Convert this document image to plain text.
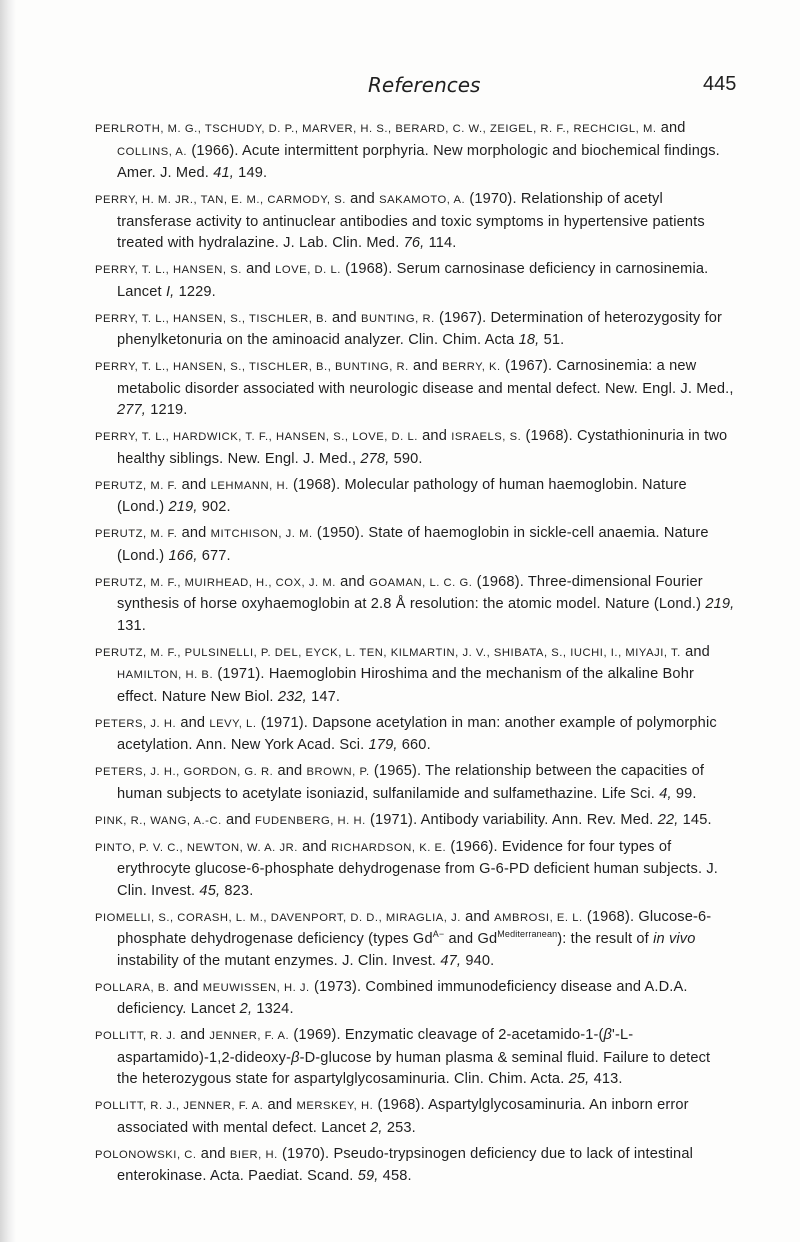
References	445
PERLROTH, M. G., TSCHUDY, D. P., MARVER, H. S., BERARD, C. W., ZEIGEL, R. F., RECHCIGL, M. and COLLINS, A. (1966). Acute intermittent porphyria. New morphologic and biochemical findings. Amer. J. Med. 41, 149.
PERRY, H. M. JR., TAN, E. M., CARMODY, S. and SAKAMOTO, A. (1970). Relationship of acetyl transferase activity to antinuclear antibodies and toxic symptoms in hypertensive patients treated with hydralazine. J. Lab. Clin. Med. 76, 114.
PERRY, T. L., HANSEN, S. and LOVE, D. L. (1968). Serum carnosinase deficiency in carnosinemia. Lancet I, 1229.
PERRY, T. L., HANSEN, S., TISCHLER, B. and BUNTING, R. (1967). Determination of heterozygosity for phenylketonuria on the aminoacid analyzer. Clin. Chim. Acta 18, 51.
PERRY, T. L., HANSEN, S., TISCHLER, B., BUNTING, R. and BERRY, K. (1967). Carnosinemia: a new metabolic disorder associated with neurologic disease and mental defect. New. Engl. J. Med., 277, 1219.
PERRY, T. L., HARDWICK, T. F., HANSEN, S., LOVE, D. L. and ISRAELS, S. (1968). Cystathioninuria in two healthy siblings. New. Engl. J. Med., 278, 590.
PERUTZ, M. F. and LEHMANN, H. (1968). Molecular pathology of human haemoglobin. Nature (Lond.) 219, 902.
PERUTZ, M. F. and MITCHISON, J. M. (1950). State of haemoglobin in sickle-cell anaemia. Nature (Lond.) 166, 677.
PERUTZ, M. F., MUIRHEAD, H., COX, J. M. and GOAMAN, L. C. G. (1968). Three-dimensional Fourier synthesis of horse oxyhaemoglobin at 2.8 Å resolution: the atomic model. Nature (Lond.) 219, 131.
PERUTZ, M. F., PULSINELLI, P. DEL, EYCK, L. TEN, KILMARTIN, J. V., SHIBATA, S., IUCHI, I., MIYAJI, T. and HAMILTON, H. B. (1971). Haemoglobin Hiroshima and the mechanism of the alkaline Bohr effect. Nature New Biol. 232, 147.
PETERS, J. H. and LEVY, L. (1971). Dapsone acetylation in man: another example of polymorphic acetylation. Ann. New York Acad. Sci. 179, 660.
PETERS, J. H., GORDON, G. R. and BROWN, P. (1965). The relationship between the capacities of human subjects to acetylate isoniazid, sulfanilamide and sulfamethazine. Life Sci. 4, 99.
PINK, R., WANG, A.-C. and FUDENBERG, H. H. (1971). Antibody variability. Ann. Rev. Med. 22, 145.
PINTO, P. V. C., NEWTON, W. A. JR. and RICHARDSON, K. E. (1966). Evidence for four types of erythrocyte glucose-6-phosphate dehydrogenase from G-6-PD deficient human subjects. J. Clin. Invest. 45, 823.
PIOMELLI, S., CORASH, L. M., DAVENPORT, D. D., MIRAGLIA, J. and AMBROSI, E. L. (1968). Glucose-6-phosphate dehydrogenase deficiency (types $Gd^{A-}$ and $Gd^{Mediterranean}$): the result of in vivo instability of the mutant enzymes. J. Clin. Invest. 47, 940.
POLLARA, B. and MEUWISSEN, H. J. (1973). Combined immunodeficiency disease and A.D.A. deficiency. Lancet 2, 1324.
POLLITT, R. J. and JENNER, F. A. (1969). Enzymatic cleavage of 2-acetamido-1-(β'-L-aspartamido)-1,2-dideoxy-β-D-glucose by human plasma & seminal fluid. Failure to detect the heterozygous state for aspartylglycosaminuria. Clin. Chim. Acta. 25, 413.
POLLITT, R. J., JENNER, F. A. and MERSKEY, H. (1968). Aspartylglycosaminuria. An inborn error associated with mental defect. Lancet 2, 253.
POLONOWSKI, C. and BIER, H. (1970). Pseudo-trypsinogen deficiency due to lack of intestinal enterokinase. Acta. Paediat. Scand. 59, 458.
